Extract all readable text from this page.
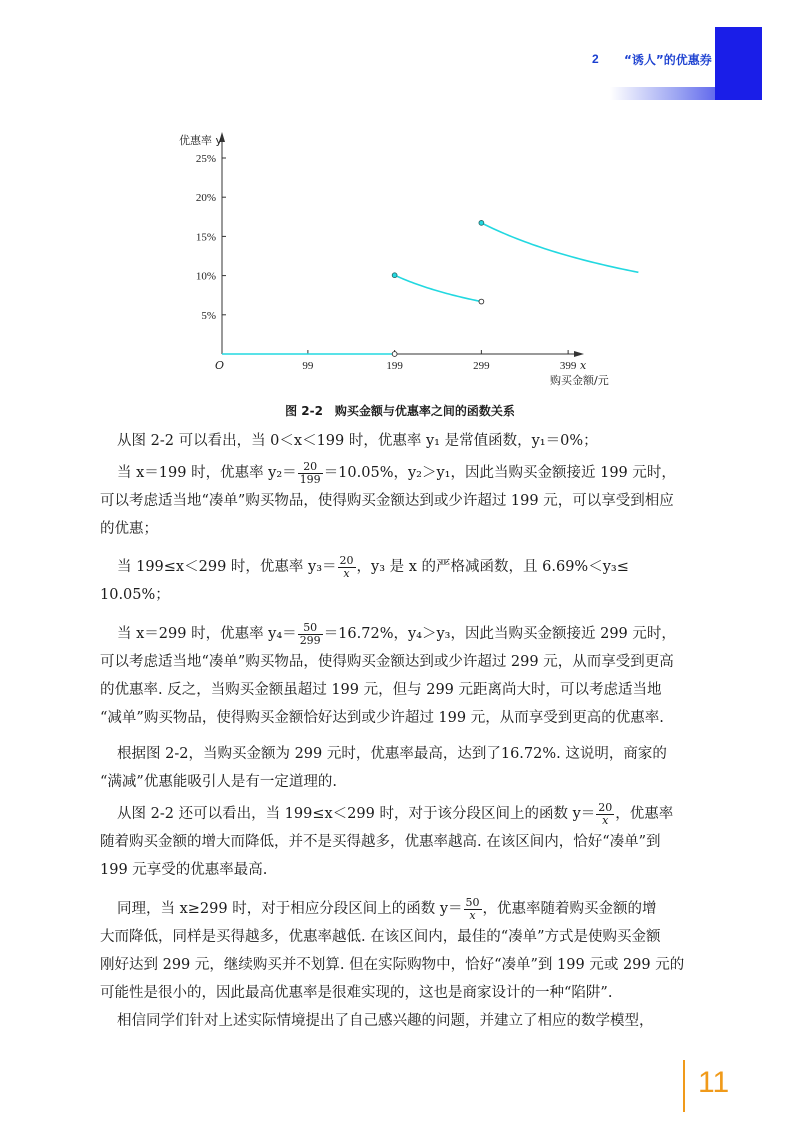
2 “诱人”的优惠券
99	199	299	399
5%
10%
15%
20%
25%
优惠率 y
x
购买金额/元
O
图 2-2　购买金额与优惠率之间的函数关系

从图 2-2 可以看出，当 0＜x＜199 时，优惠率 y₁ 是常值函数，y₁＝0%；

当 x＝199 时，优惠率 $y_2= \frac{20}{199} =10.05\%$，y₂＞y₁，因此当购买金额接近 199 元时，
可以考虑适当地“凑单”购买物品，使得购买金额达到或少许超过 199 元，可以享受到相应
的优惠；

当 199≤x＜299 时，优惠率 $y_3= \frac{20}{x}$ ，y₃ 是 x 的严格减函数，且 6.69%＜y₃≤
10.05%；

当 x＝299 时，优惠率 $y_4= \frac{50}{299} =16.72\%$，y₄＞y₃，因此当购买金额接近 299 元时，
可以考虑适当地“凑单”购买物品，使得购买金额达到或少许超过 299 元，从而享受到更高
的优惠率. 反之，当购买金额虽超过 199 元，但与 299 元距离尚大时，可以考虑适当地
“减单”购买物品，使得购买金额恰好达到或少许超过 199 元，从而享受到更高的优惠率.

根据图 2-2，当购买金额为 299 元时，优惠率最高，达到了16.72%. 这说明，商家的
“满减”优惠能吸引人是有一定道理的.

从图 2-2 还可以看出，当 199≤x＜299 时，对于该分段区间上的函数 $y= \frac{20}{x}$ ，优惠率
随着购买金额的增大而降低，并不是买得越多，优惠率越高. 在该区间内，恰好“凑单”到
199 元享受的优惠率最高.

同理，当 x≥299 时，对于相应分段区间上的函数 $y= \frac{50}{x}$ ，优惠率随着购买金额的增
大而降低，同样是买得越多，优惠率越低. 在该区间内，最佳的“凑单”方式是使购买金额
刚好达到 299 元，继续购买并不划算. 但在实际购物中，恰好“凑单”到 199 元或 299 元的
可能性是很小的，因此最高优惠率是很难实现的，这也是商家设计的一种“陷阱”.

相信同学们针对上述实际情境提出了自己感兴趣的问题，并建立了相应的数学模型，

11
